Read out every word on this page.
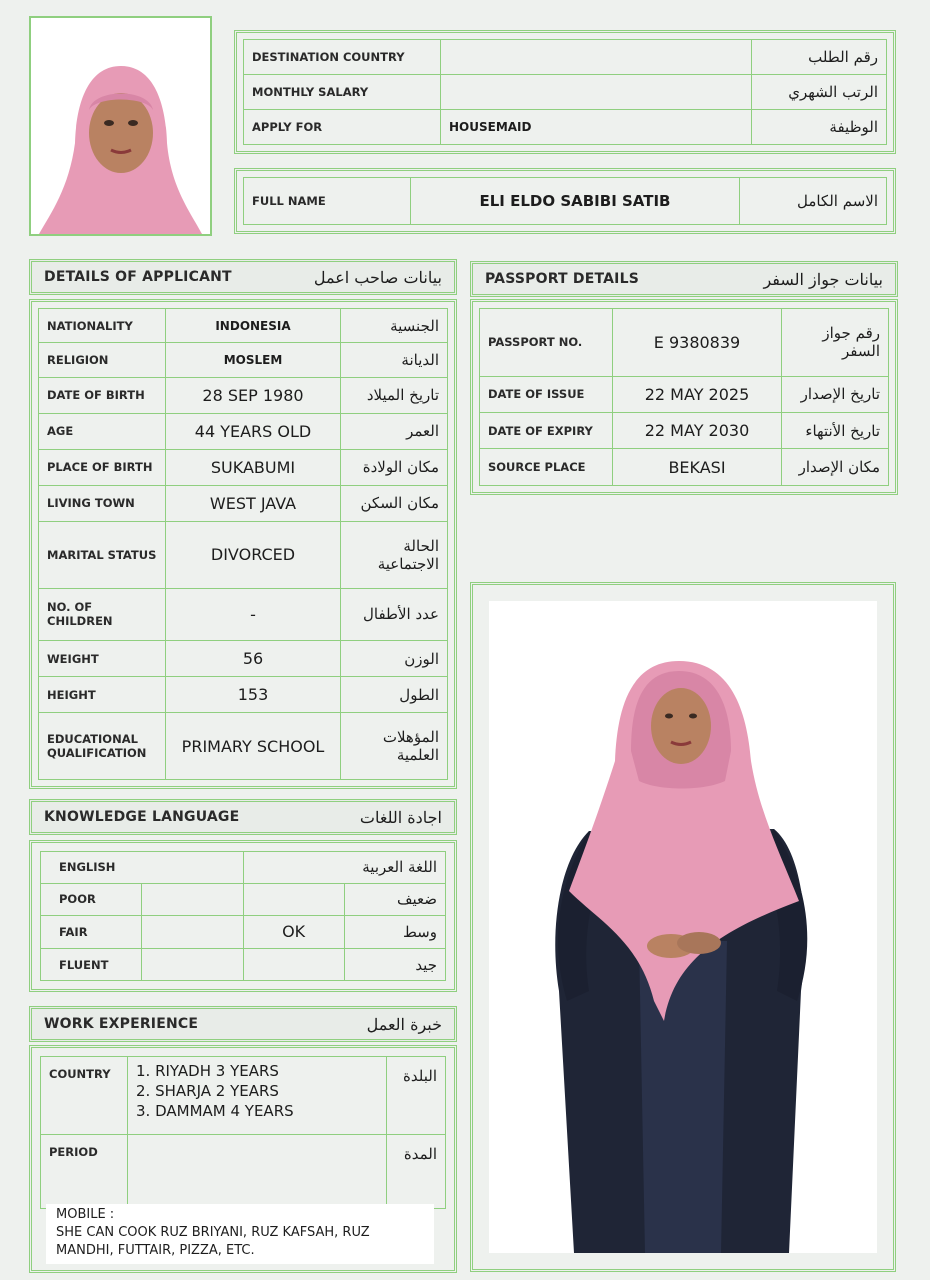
DESTINATION COUNTRY		رقم الطلب
MONTHLY SALARY		الرتب الشهري
APPLY FOR	HOUSEMAID	الوظيفة
FULL NAME	ELI ELDO SABIBI SATIB	الاسم الكامل
DETAILS OF APPLICANT	بيانات صاحب اعمل
NATIONALITY	INDONESIA	الجنسية
RELIGION	MOSLEM	الديانة
DATE OF BIRTH	28 SEP 1980	تاريخ الميلاد
AGE	44 YEARS OLD	العمر
PLACE OF BIRTH	SUKABUMI	مكان الولادة
LIVING TOWN	WEST JAVA	مكان السكن
MARITAL STATUS	DIVORCED	الحالة الاجتماعية
NO. OF CHILDREN	-	عدد الأطفال
WEIGHT	56	الوزن
HEIGHT	153	الطول
EDUCATIONAL QUALIFICATION	PRIMARY SCHOOL	المؤهلات العلمية
PASSPORT DETAILS	بيانات جواز السفر
PASSPORT NO.	E 9380839	رقم جواز السفر
DATE OF ISSUE	22 MAY 2025	تاريخ الإصدار
DATE OF EXPIRY	22 MAY 2030	تاريخ الأنتهاء
SOURCE PLACE	BEKASI	مكان الإصدار
KNOWLEDGE LANGUAGE	اجادة اللغات
ENGLISH		اللغة العربية	
POOR			ضعيف
FAIR		OK	وسط
FLUENT			جيد
WORK EXPERIENCE	خبرة العمل
COUNTRY	1. RIYADH 3 YEARS
2. SHARJA 2 YEARS
3. DAMMAM 4 YEARS	البلدة
PERIOD		المدة
MOBILE :
SHE CAN COOK RUZ BRIYANI, RUZ KAFSAH, RUZ MANDHI, FUTTAIR, PIZZA, ETC.
